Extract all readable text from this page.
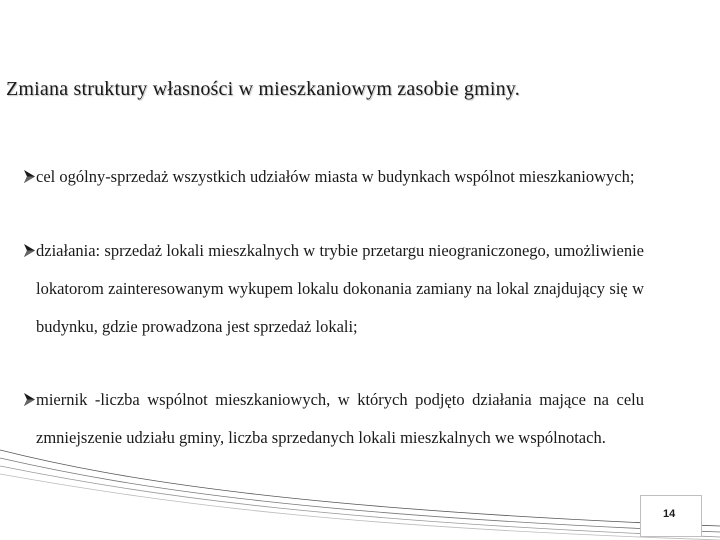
Zmiana struktury własności w mieszkaniowym zasobie gminy.
cel ogólny-sprzedaż wszystkich udziałów miasta w budynkach wspólnot mieszkaniowych;
działania: sprzedaż lokali mieszkalnych w trybie przetargu nieograniczonego, umożliwienie lokatorom zainteresowanym wykupem lokalu dokonania zamiany na lokal znajdujący się w budynku, gdzie prowadzona jest sprzedaż lokali;
miernik -liczba wspólnot mieszkaniowych, w których podjęto działania mające na celu zmniejszenie udziału gminy, liczba sprzedanych lokali mieszkalnych we wspólnotach.
14
